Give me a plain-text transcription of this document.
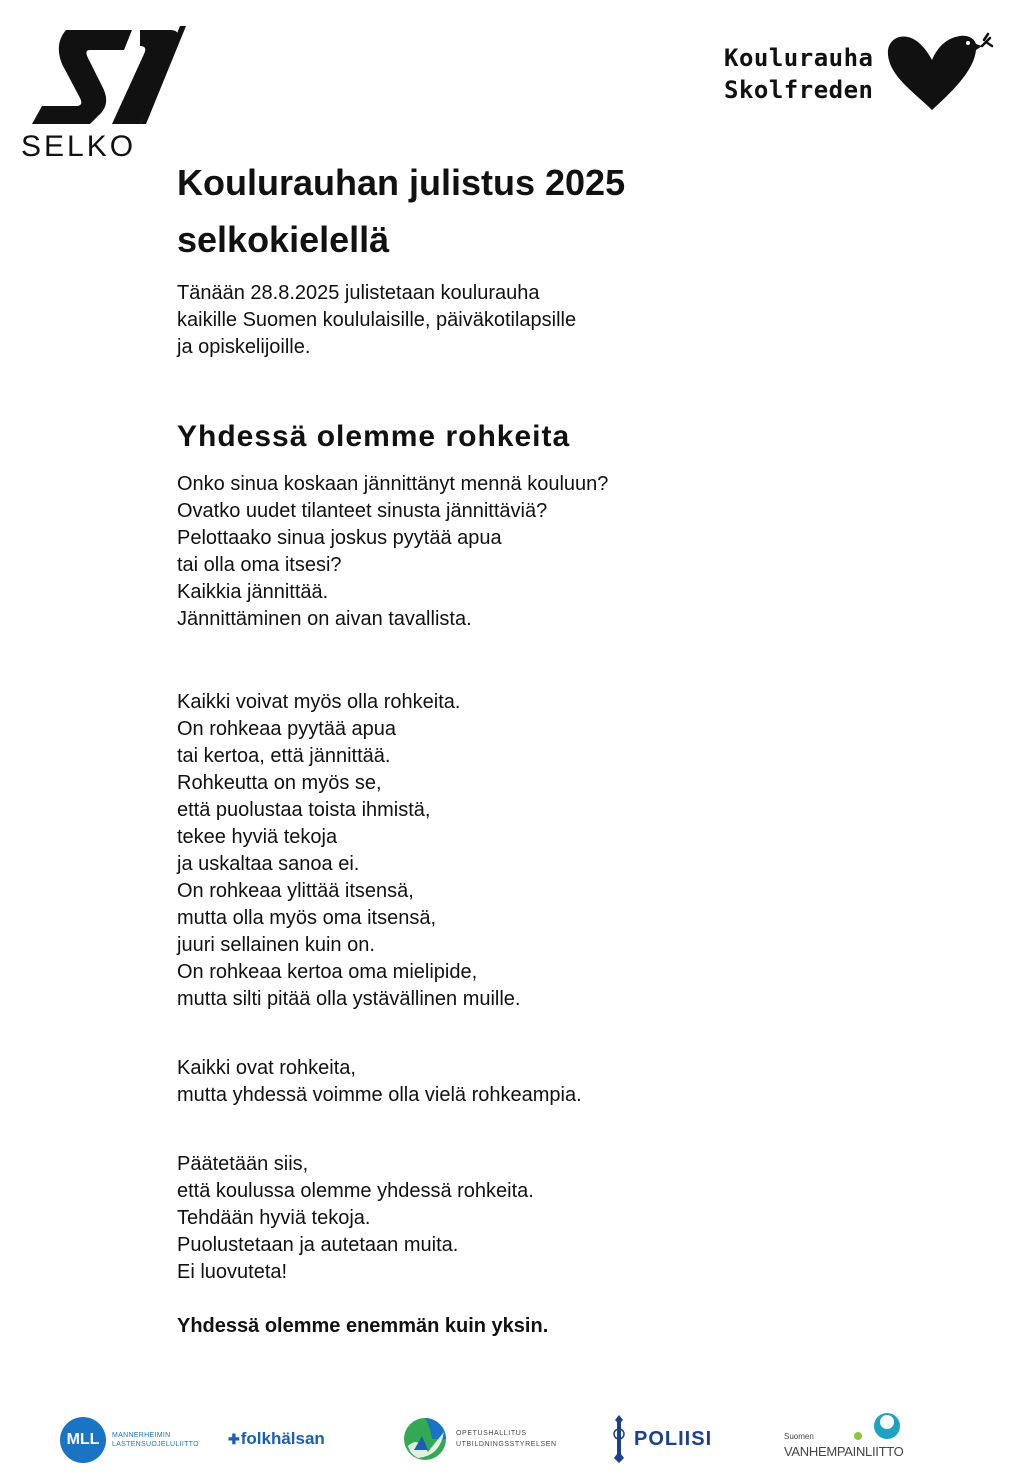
SELKO
Koulurauha
Skolfreden
Koulurauhan julistus 2025
selkokielellä

Tänään 28.8.2025 julistetaan koulurauha
kaikille Suomen koululaisille, päiväkotilapsille
ja opiskelijoille.

Yhdessä olemme rohkeita

Onko sinua koskaan jännittänyt mennä kouluun?
Ovatko uudet tilanteet sinusta jännittäviä?
Pelottaako sinua joskus pyytää apua
tai olla oma itsesi?
Kaikkia jännittää.
Jännittäminen on aivan tavallista.

Kaikki voivat myös olla rohkeita.
On rohkeaa pyytää apua
tai kertoa, että jännittää.
Rohkeutta on myös se,
että puolustaa toista ihmistä,
tekee hyviä tekoja
ja uskaltaa sanoa ei.
On rohkeaa ylittää itsensä,
mutta olla myös oma itsensä,
juuri sellainen kuin on.
On rohkeaa kertoa oma mielipide,
mutta silti pitää olla ystävällinen muille.

Kaikki ovat rohkeita,
mutta yhdessä voimme olla vielä rohkeampia.

Päätetään siis,
että koulussa olemme yhdessä rohkeita.
Tehdään hyviä tekoja.
Puolustetaan ja autetaan muita.
Ei luovuteta!

Yhdessä olemme enemmän kuin yksin.

MLL	MANNERHEIMIN
LASTENSUOJELULIITTO ✚ folkhälsan	OPETUSHALLITUS
UTBILDNINGSSTYRELSEN	POLIISI	Suomen
VANHEMPAINLIITTO
